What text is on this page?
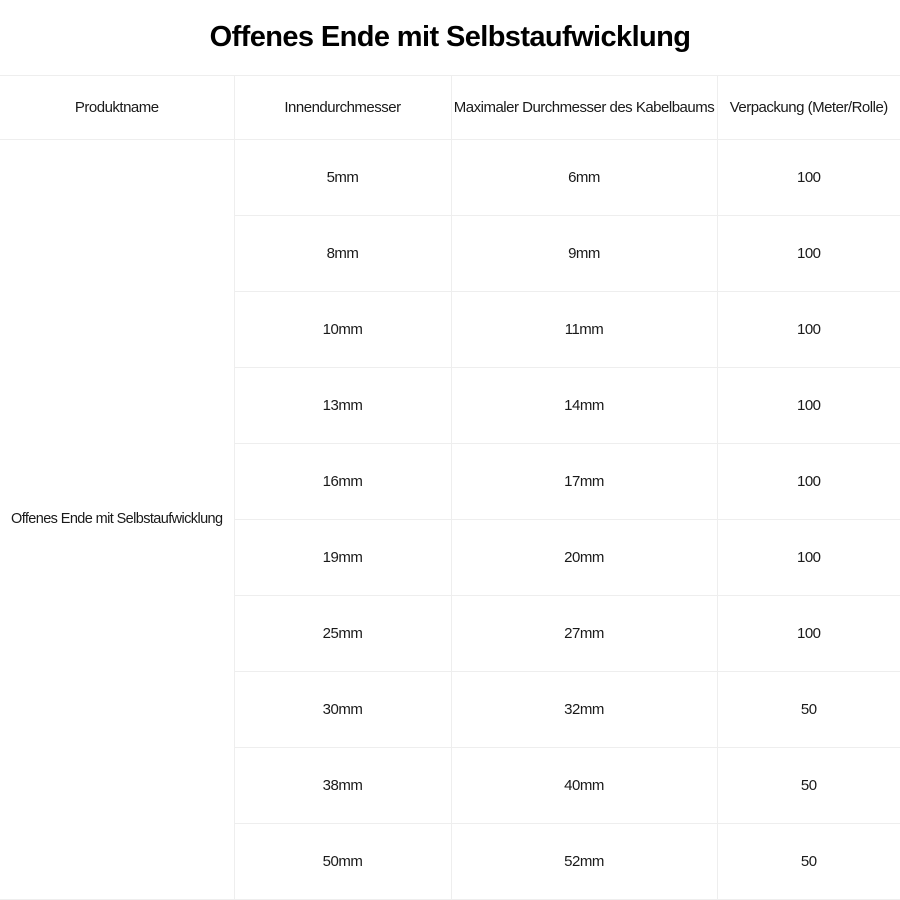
Offenes Ende mit Selbstaufwicklung
Produktname	Innendurchmesser	Maximaler Durchmesser des Kabelbaums	Verpackung (Meter/Rolle)
Offenes Ende mit Selbstaufwicklung	5mm	6mm	100
	8mm	9mm	100
	10mm	11mm	100
	13mm	14mm	100
	16mm	17mm	100
	19mm	20mm	100
	25mm	27mm	100
	30mm	32mm	50
	38mm	40mm	50
	50mm	52mm	50
